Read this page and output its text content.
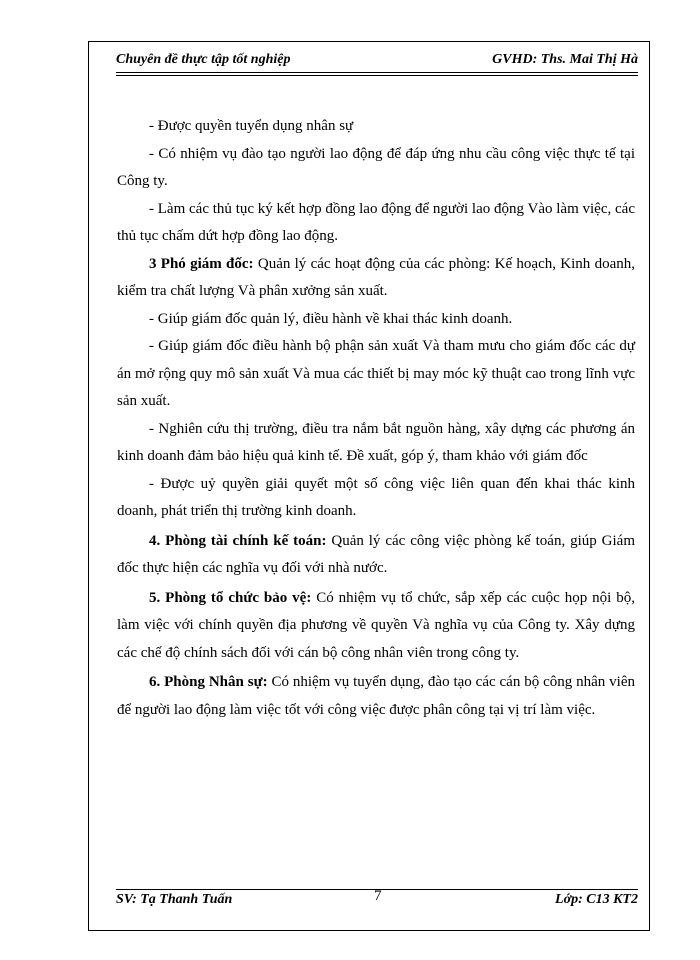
Chuyên đề thực tập tốt nghiệp	GVHD: Ths. Mai Thị Hà

- Được quyền tuyển dụng nhân sự

- Có nhiệm vụ đào tạo người lao động để đáp ứng nhu cầu công việc thực tế tại Công ty.

- Làm các thủ tục ký kết hợp đồng lao động để người lao động Vào làm việc, các thủ tục chấm dứt hợp đồng lao động.

3 Phó giám đốc: Quản lý các hoạt động của các phòng: Kế hoạch, Kinh doanh, kiểm tra chất lượng Và phân xưởng sản xuất.

- Giúp giám đốc quản lý, điều hành về khai thác kinh doanh.

- Giúp giám đốc điều hành bộ phận sản xuất Và tham mưu cho giám đốc các dự án mở rộng quy mô sản xuất Và mua các thiết bị may móc kỹ thuật cao trong lĩnh vực sản xuất.

- Nghiên cứu thị trường, điều tra nắm bắt nguồn hàng, xây dựng các phương án kinh doanh đảm bảo hiệu quả kinh tế. Đề xuất, góp ý, tham khảo với giám đốc

- Được uỷ quyền giải quyết một số công việc liên quan đến khai thác kinh doanh, phát triển thị trường kinh doanh.

4. Phòng tài chính kế toán: Quản lý các công việc phòng kế toán, giúp Giám đốc thực hiện các nghĩa vụ đối với nhà nước.

5. Phòng tổ chức bảo vệ: Có nhiệm vụ tổ chức, sắp xếp các cuộc họp nội bộ, làm việc với chính quyền địa phương về quyền Và nghĩa vụ của Công ty. Xây dựng các chế độ chính sách đối với cán bộ công nhân viên trong công ty.

6. Phòng Nhân sự: Có nhiệm vụ tuyển dụng, đào tạo các cán bộ công nhân viên để người lao động làm việc tốt với công việc được phân công tại vị trí làm việc.

SV: Tạ Thanh Tuấn	7	Lớp: C13 KT2
